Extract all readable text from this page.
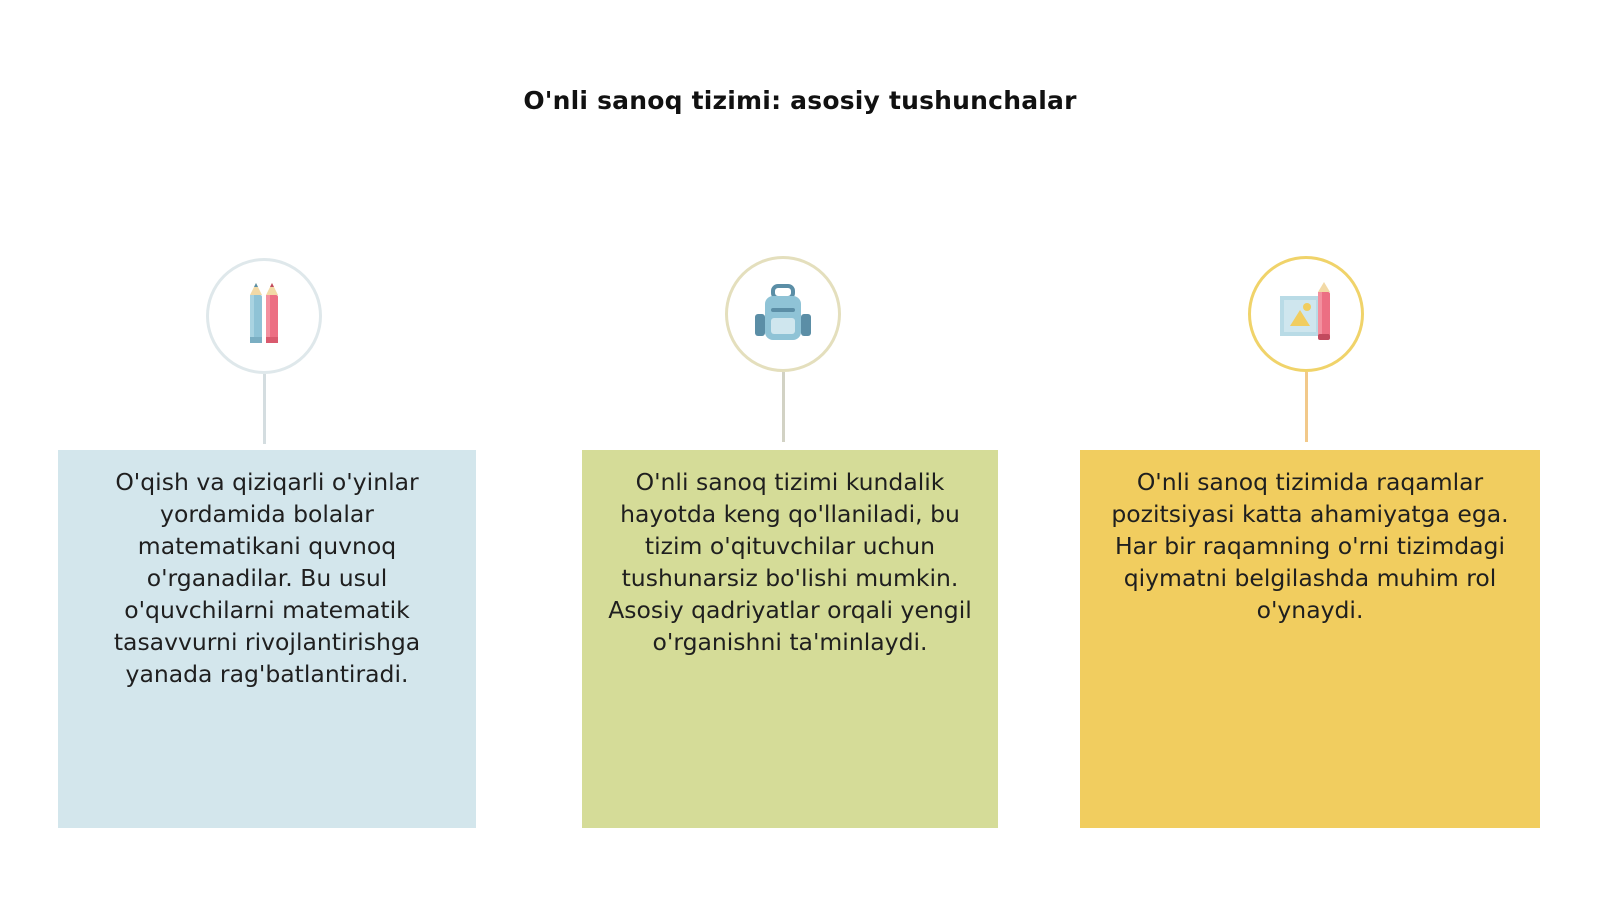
O'nli sanoq tizimi: asosiy tushunchalar

O'qish va qiziqarli o'yinlar yordamida bolalar matematikani quvnoq o'rganadilar. Bu usul o'quvchilarni matematik tasavvurni rivojlantirishga yanada rag'batlantiradi.

O'nli sanoq tizimi kundalik hayotda keng qo'llaniladi, bu tizim o'qituvchilar uchun tushunarsiz bo'lishi mumkin. Asosiy qadriyatlar orqali yengil o'rganishni ta'minlaydi.

O'nli sanoq tizimida raqamlar pozitsiyasi katta ahamiyatga ega. Har bir raqamning o'rni tizimdagi qiymatni belgilashda muhim rol o'ynaydi.
